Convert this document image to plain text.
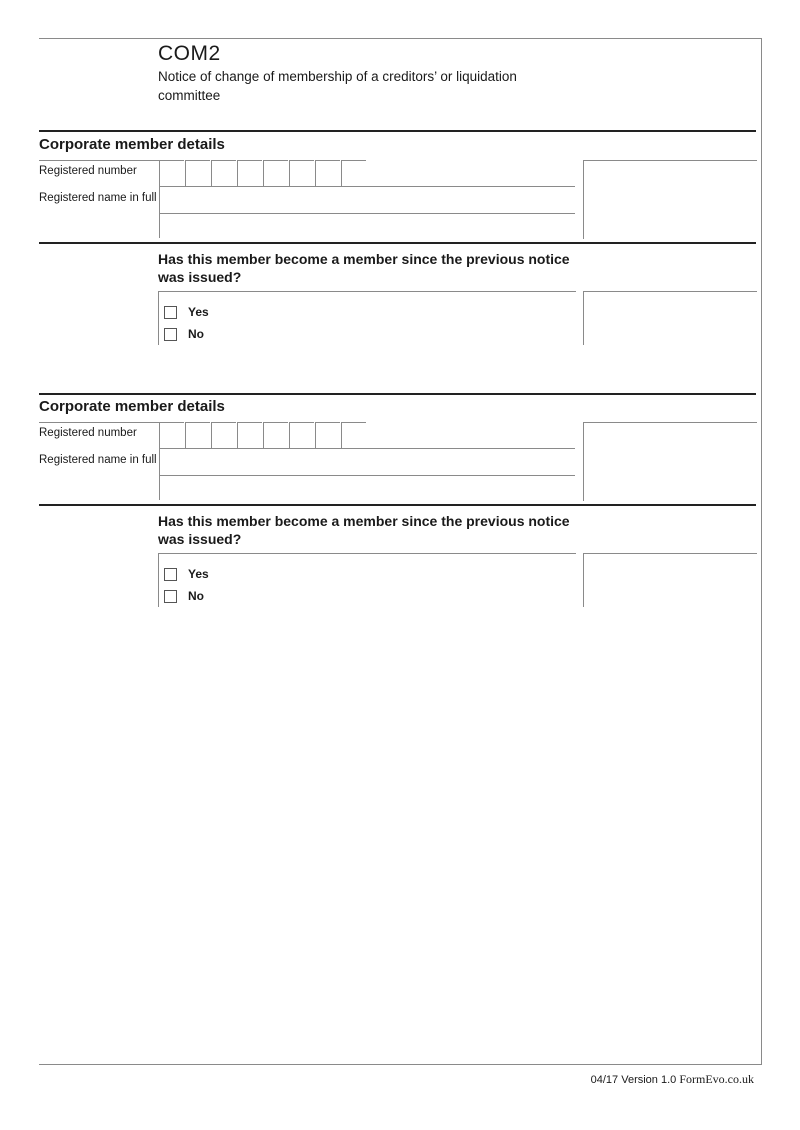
COM2
Notice of change of membership of a creditors’ or liquidation committee
Corporate member details
Registered number
Registered name in full
Has this member become a member since the previous notice was issued?
Yes
No
Corporate member details
Registered number
Registered name in full
Has this member become a member since the previous notice was issued?
Yes
No
04/17 Version 1.0 FormEvo.co.uk
